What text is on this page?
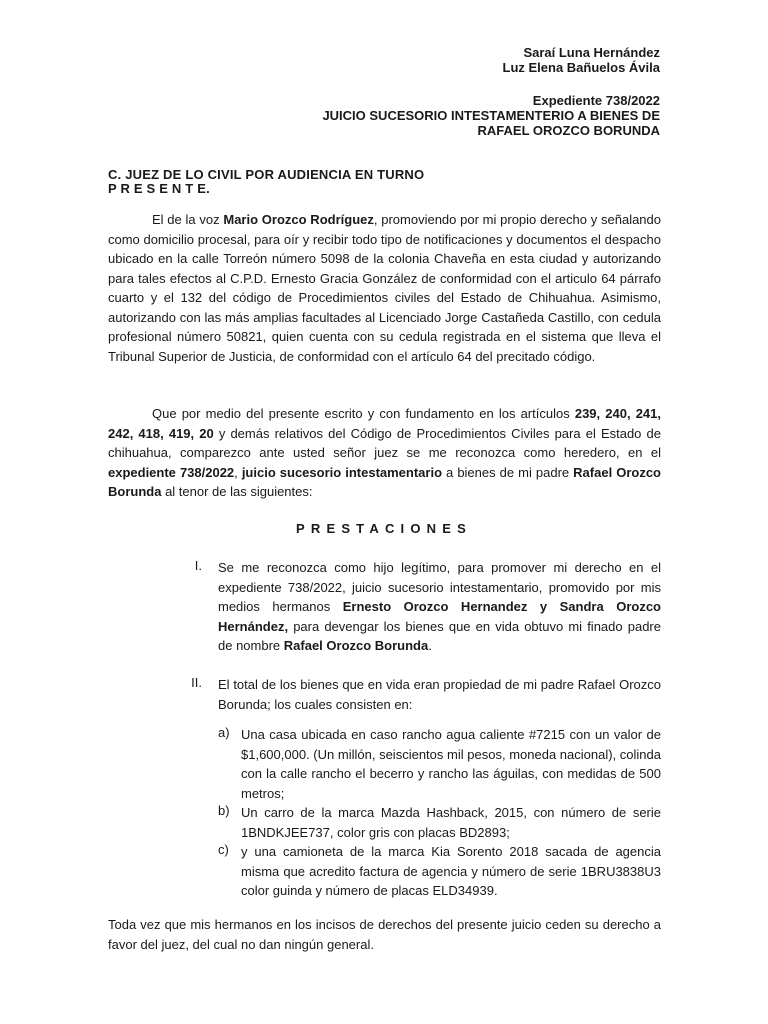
Saraí Luna Hernández
Luz Elena Bañuelos Ávila
Expediente 738/2022
JUICIO SUCESORIO INTESTAMENTERIO A BIENES DE
RAFAEL OROZCO BORUNDA
C. JUEZ DE LO CIVIL POR AUDIENCIA EN TURNO
P R E S E N T E.
El de la voz Mario Orozco Rodríguez, promoviendo por mi propio derecho y señalando como domicilio procesal, para oír y recibir todo tipo de notificaciones y documentos el despacho ubicado en la calle Torreón número 5098 de la colonia Chaveña en esta ciudad y autorizando para tales efectos al C.P.D. Ernesto Gracia González de conformidad con el articulo 64 párrafo cuarto y el 132 del código de Procedimientos civiles del Estado de Chihuahua. Asimismo, autorizando con las más amplias facultades al Licenciado Jorge Castañeda Castillo, con cedula profesional número 50821, quien cuenta con su cedula registrada en el sistema que lleva el Tribunal Superior de Justicia, de conformidad con el artículo 64 del precitado código.
Que por medio del presente escrito y con fundamento en los artículos 239, 240, 241, 242, 418, 419, 20 y demás relativos del Código de Procedimientos Civiles para el Estado de chihuahua, comparezco ante usted señor juez se me reconozca como heredero, en el expediente 738/2022, juicio sucesorio intestamentario a bienes de mi padre Rafael Orozco Borunda al tenor de las siguientes:
PRESTACIONES
I. Se me reconozca como hijo legítimo, para promover mi derecho en el expediente 738/2022, juicio sucesorio intestamentario, promovido por mis medios hermanos Ernesto Orozco Hernandez y Sandra Orozco Hernández, para devengar los bienes que en vida obtuvo mi finado padre de nombre Rafael Orozco Borunda.
II. El total de los bienes que en vida eran propiedad de mi padre Rafael Orozco Borunda; los cuales consisten en:
a) Una casa ubicada en caso rancho agua caliente #7215 con un valor de $1,600,000. (Un millón, seiscientos mil pesos, moneda nacional), colinda con la calle rancho el becerro y rancho las águilas, con medidas de 500 metros;
b) Un carro de la marca Mazda Hashback, 2015, con número de serie 1BNDKJEE737, color gris con placas BD2893;
c) y una camioneta de la marca Kia Sorento 2018 sacada de agencia misma que acredito factura de agencia y número de serie 1BRU3838U3 color guinda y número de placas ELD34939.
Toda vez que mis hermanos en los incisos de derechos del presente juicio ceden su derecho a favor del juez, del cual no dan ningún general.
